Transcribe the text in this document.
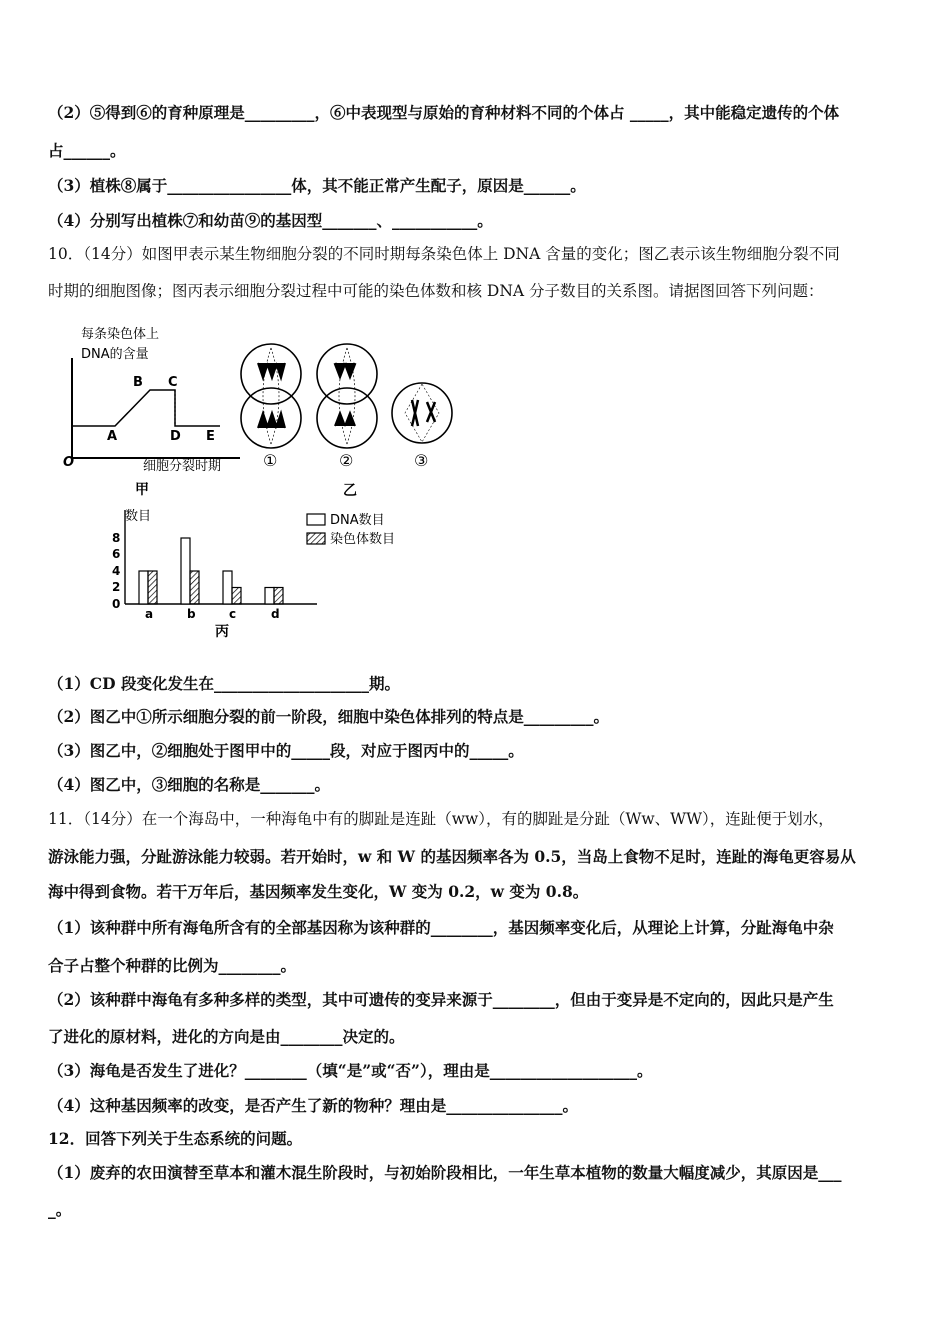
（2）⑤得到⑥的育种原理是_________，⑥中表现型与原始的育种材料不同的个体占 _____，其中能稳定遗传的个体
占______。
（3）植株⑧属于________________体，其不能正常产生配子，原因是______。
（4）分别写出植株⑦和幼苗⑨的基因型_______、___________。
10．（14分）如图甲表示某生物细胞分裂的不同时期每条染色体上 DNA 含量的变化；图乙表示该生物细胞分裂不同
时期的细胞图像；图丙表示细胞分裂过程中可能的染色体数和核 DNA 分子数目的关系图。请据图回答下列问题：
每条染色体上
DNA的含量
O
A
B C
D E
细胞分裂时期
甲
①	②	③
乙
数目
8
6
4
2
0
DNA数目
染色体数目
丙
a	b	c	d
（1）CD 段变化发生在____________________期。
（2）图乙中①所示细胞分裂的前一阶段，细胞中染色体排列的特点是_________。
（3）图乙中，②细胞处于图甲中的_____段，对应于图丙中的_____。
（4）图乙中，③细胞的名称是_______。
11．（14分）在一个海岛中，一种海龟中有的脚趾是连趾（ww），有的脚趾是分趾（Ww、WW），连趾便于划水，
游泳能力强，分趾游泳能力较弱。若开始时，w 和 W 的基因频率各为 0.5，当岛上食物不足时，连趾的海龟更容易从
海中得到食物。若干万年后，基因频率发生变化，W 变为 0.2，w 变为 0.8。
（1）该种群中所有海龟所含有的全部基因称为该种群的________，基因频率变化后，从理论上计算，分趾海龟中杂
合子占整个种群的比例为________。
（2）该种群中海龟有多种多样的类型，其中可遗传的变异来源于________，但由于变异是不定向的，因此只是产生
了进化的原材料，进化的方向是由________决定的。
（3）海龟是否发生了进化？________（填“是”或“否”），理由是___________________。
（4）这种基因频率的改变，是否产生了新的物种？理由是_______________。
12．回答下列关于生态系统的问题。
（1）废弃的农田演替至草本和灌木混生阶段时，与初始阶段相比，一年生草本植物的数量大幅度减少，其原因是___
_。
